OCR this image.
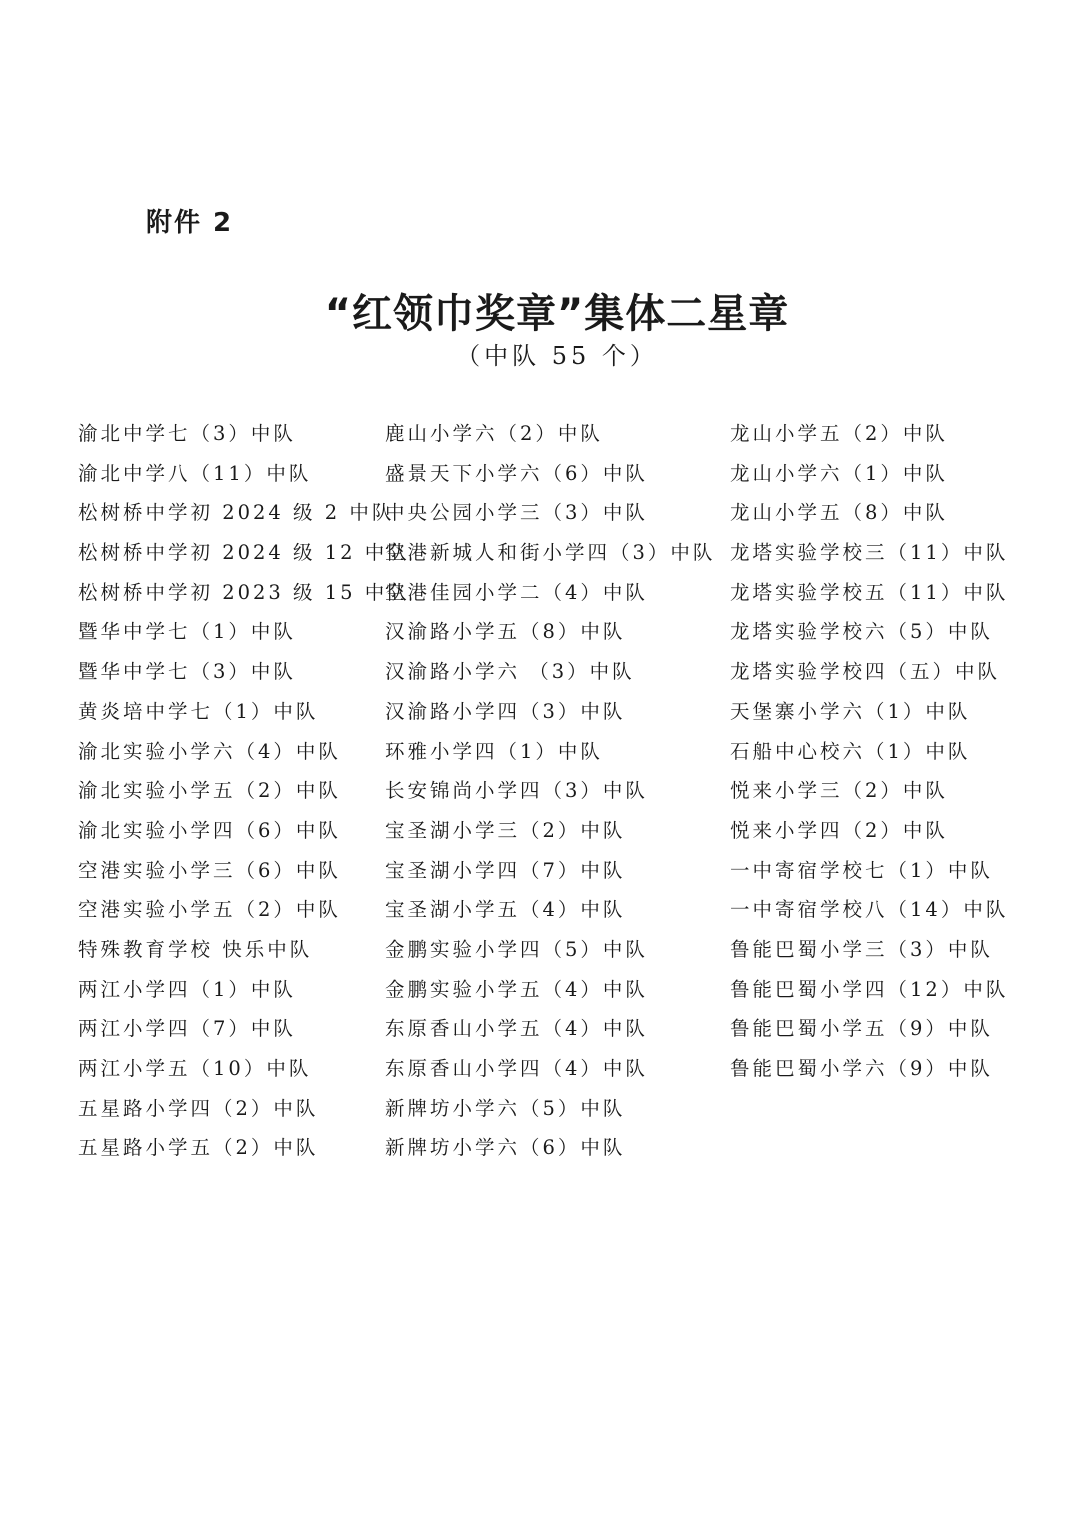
附件 2
“红领巾奖章”集体二星章
（中队 55 个）
渝北中学七（3）中队
渝北中学八（11）中队
松树桥中学初 2024 级 2 中队
松树桥中学初 2024 级 12 中队
松树桥中学初 2023 级 15 中队
暨华中学七（1）中队
暨华中学七（3）中队
黄炎培中学七（1）中队
渝北实验小学六（4）中队
渝北实验小学五（2）中队
渝北实验小学四（6）中队
空港实验小学三（6）中队
空港实验小学五（2）中队
特殊教育学校 快乐中队
两江小学四（1）中队
两江小学四（7）中队
两江小学五（10）中队
五星路小学四（2）中队
五星路小学五（2）中队
鹿山小学六（2）中队
盛景天下小学六（6）中队
中央公园小学三（3）中队
空港新城人和街小学四（3）中队
空港佳园小学二（4）中队
汉渝路小学五（8）中队
汉渝路小学六 （3）中队
汉渝路小学四（3）中队
环雅小学四（1）中队
长安锦尚小学四（3）中队
宝圣湖小学三（2）中队
宝圣湖小学四（7）中队
宝圣湖小学五（4）中队
金鹏实验小学四（5）中队
金鹏实验小学五（4）中队
东原香山小学五（4）中队
东原香山小学四（4）中队
新牌坊小学六（5）中队
新牌坊小学六（6）中队
龙山小学五（2）中队
龙山小学六（1）中队
龙山小学五（8）中队
龙塔实验学校三（11）中队
龙塔实验学校五（11）中队
龙塔实验学校六（5）中队
龙塔实验学校四（五）中队
天堡寨小学六（1）中队
石船中心校六（1）中队
悦来小学三（2）中队
悦来小学四（2）中队
一中寄宿学校七（1）中队
一中寄宿学校八（14）中队
鲁能巴蜀小学三（3）中队
鲁能巴蜀小学四（12）中队
鲁能巴蜀小学五（9）中队
鲁能巴蜀小学六（9）中队
